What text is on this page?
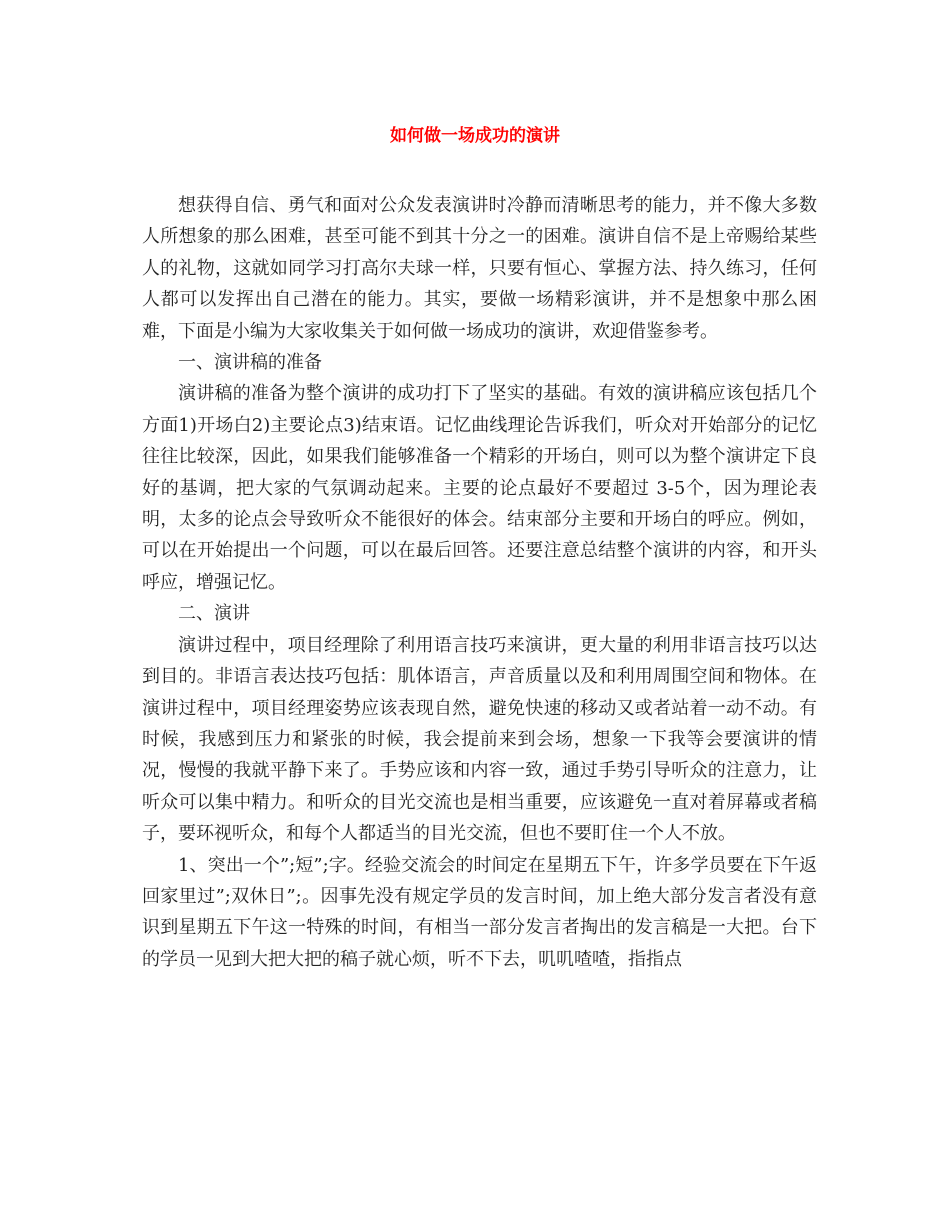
如何做一场成功的演讲

想获得自信、勇气和面对公众发表演讲时冷静而清晰思考的能力，并不像大多数人所想象的那么困难，甚至可能不到其十分之一的困难。演讲自信不是上帝赐给某些人的礼物，这就如同学习打高尔夫球一样，只要有恒心、掌握方法、持久练习，任何人都可以发挥出自己潜在的能力。其实，要做一场精彩演讲，并不是想象中那么困难，下面是小编为大家收集关于如何做一场成功的演讲，欢迎借鉴参考。

一、演讲稿的准备

演讲稿的准备为整个演讲的成功打下了坚实的基础。有效的演讲稿应该包括几个方面1)开场白2)主要论点3)结束语。记忆曲线理论告诉我们，听众对开始部分的记忆往往比较深，因此，如果我们能够准备一个精彩的开场白，则可以为整个演讲定下良好的基调，把大家的气氛调动起来。主要的论点最好不要超过 3-5个，因为理论表明，太多的论点会导致听众不能很好的体会。结束部分主要和开场白的呼应。例如，可以在开始提出一个问题，可以在最后回答。还要注意总结整个演讲的内容，和开头呼应，增强记忆。

二、演讲

演讲过程中，项目经理除了利用语言技巧来演讲，更大量的利用非语言技巧以达到目的。非语言表达技巧包括：肌体语言，声音质量以及和利用周围空间和物体。在演讲过程中，项目经理姿势应该表现自然，避免快速的移动又或者站着一动不动。有时候，我感到压力和紧张的时候，我会提前来到会场，想象一下我等会要演讲的情况，慢慢的我就平静下来了。手势应该和内容一致，通过手势引导听众的注意力，让听众可以集中精力。和听众的目光交流也是相当重要，应该避免一直对着屏幕或者稿子，要环视听众，和每个人都适当的目光交流，但也不要盯住一个人不放。

1、突出一个”;短”;字。经验交流会的时间定在星期五下午，许多学员要在下午返回家里过”;双休日”;。因事先没有规定学员的发言时间，加上绝大部分发言者没有意识到星期五下午这一特殊的时间，有相当一部分发言者掏出的发言稿是一大把。台下的学员一见到大把大把的稿子就心烦，听不下去，叽叽喳喳，指指点
